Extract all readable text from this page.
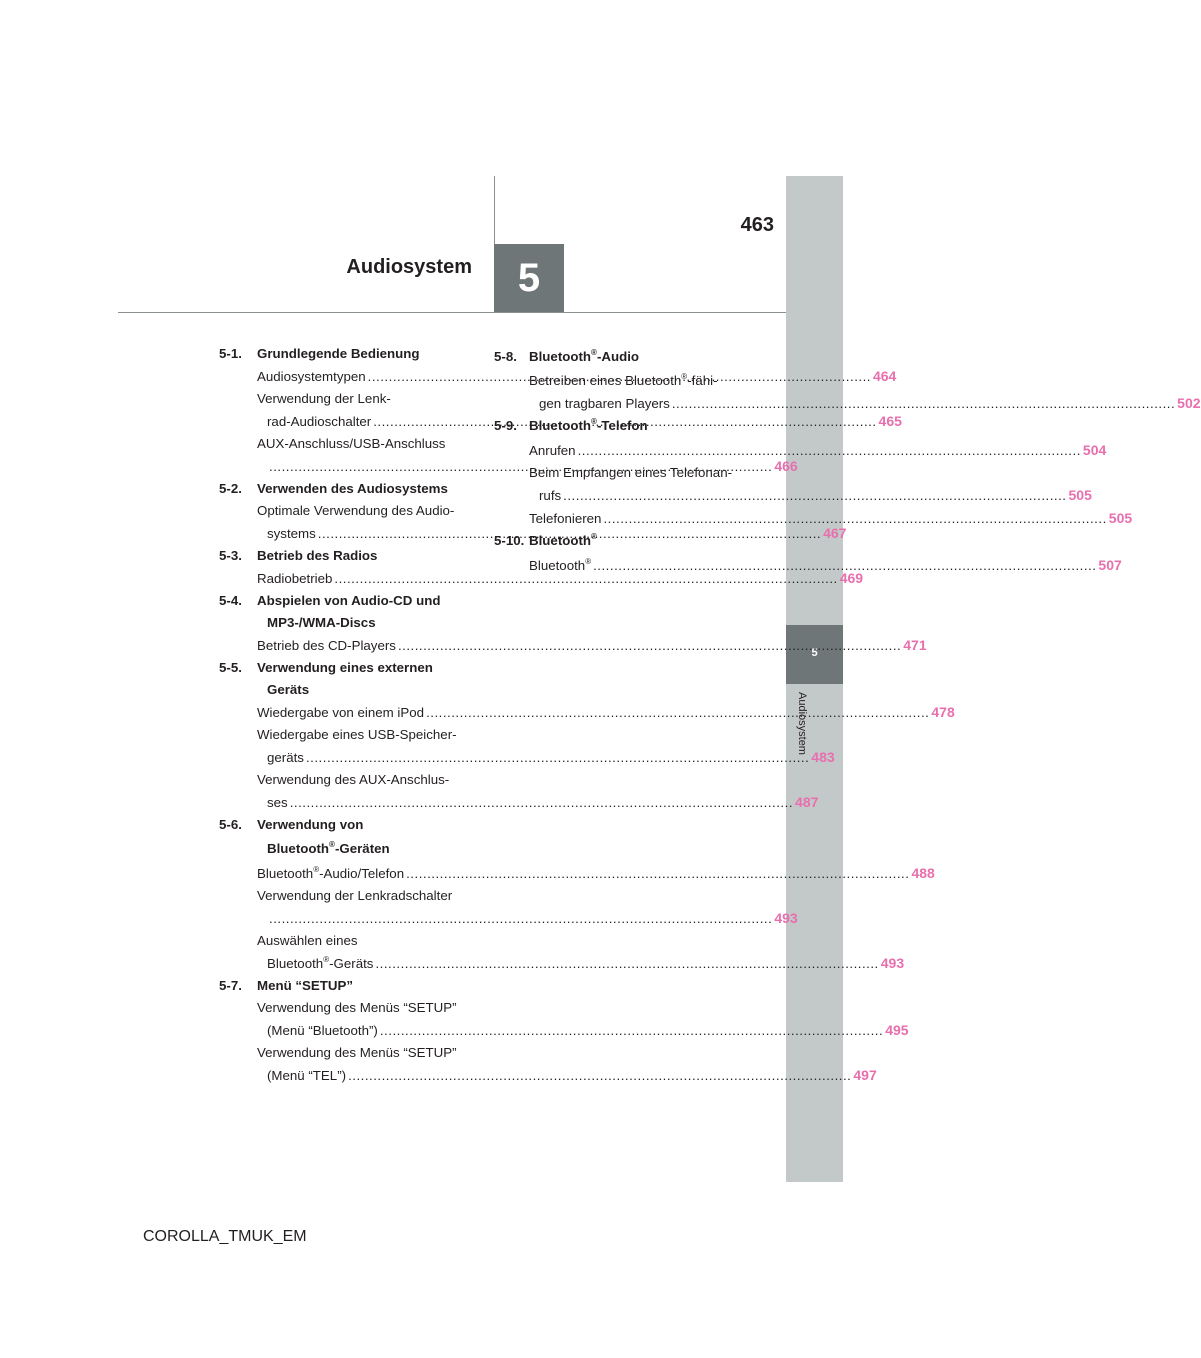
5
Audiosystem
5
463
Audiosystem
5-1.	Grundlegende Bedienung
Audiosystemtypen .....	464
Verwendung der Lenk-
rad-Audioschalter .....	465
AUX-Anschluss/USB-Anschluss
..... 466
5-2.	Verwenden des Audiosystems
Optimale Verwendung des Audio-
systems .....	467
5-3.	Betrieb des Radios
Radiobetrieb .....	469
5-4.	Abspielen von Audio-CD und
MP3-/WMA-Discs
Betrieb des CD-Players .....	471
5-5.	Verwendung eines externen
Geräts
Wiedergabe von einem iPod .....	478
Wiedergabe eines USB-Speicher-
geräts .....	483
Verwendung des AUX-Anschlus-
ses .....	487
5-6.	Verwendung von
Bluetooth®-Geräten
Bluetooth®-Audio/Telefon .....	488
Verwendung der Lenkradschalter
..... 493
Auswählen eines
Bluetooth®-Geräts .....	493
5-7.	Menü “SETUP”
Verwendung des Menüs “SETUP”
(Menü “Bluetooth”) .....	495
Verwendung des Menüs “SETUP”
(Menü “TEL”) .....	497
5-8. Bluetooth®-Audio
Betreiben eines Bluetooth®-fähi-
gen tragbaren Players .....	502
5-9. Bluetooth®-Telefon
Anrufen .....	504
Beim Empfangen eines Telefonan-
rufs .....	505
Telefonieren .....	505
5-10. Bluetooth®
Bluetooth® .....	507
COROLLA_TMUK_EM
